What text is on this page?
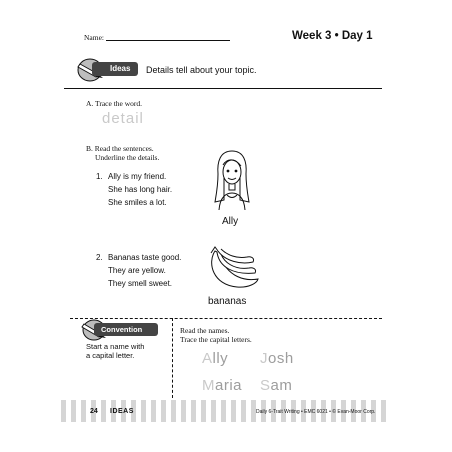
Name:	Week 3 • Day 1
Ideas Details tell about your topic.
A. Trace the word.
detail
B. Read the sentences.
Underline the details.
1. Ally is my friend.
She has long hair.
She smiles a lot.
Ally
2. Bananas taste good.
They are yellow.
They smell sweet.
bananas
Convention
Start a name with
a capital letter.
Read the names.
Trace the capital letters.
Ally Josh
Maria Sam
24 IDEAS	Daily 6-Trait Writing • EMC 6021 • © Evan-Moor Corp.
